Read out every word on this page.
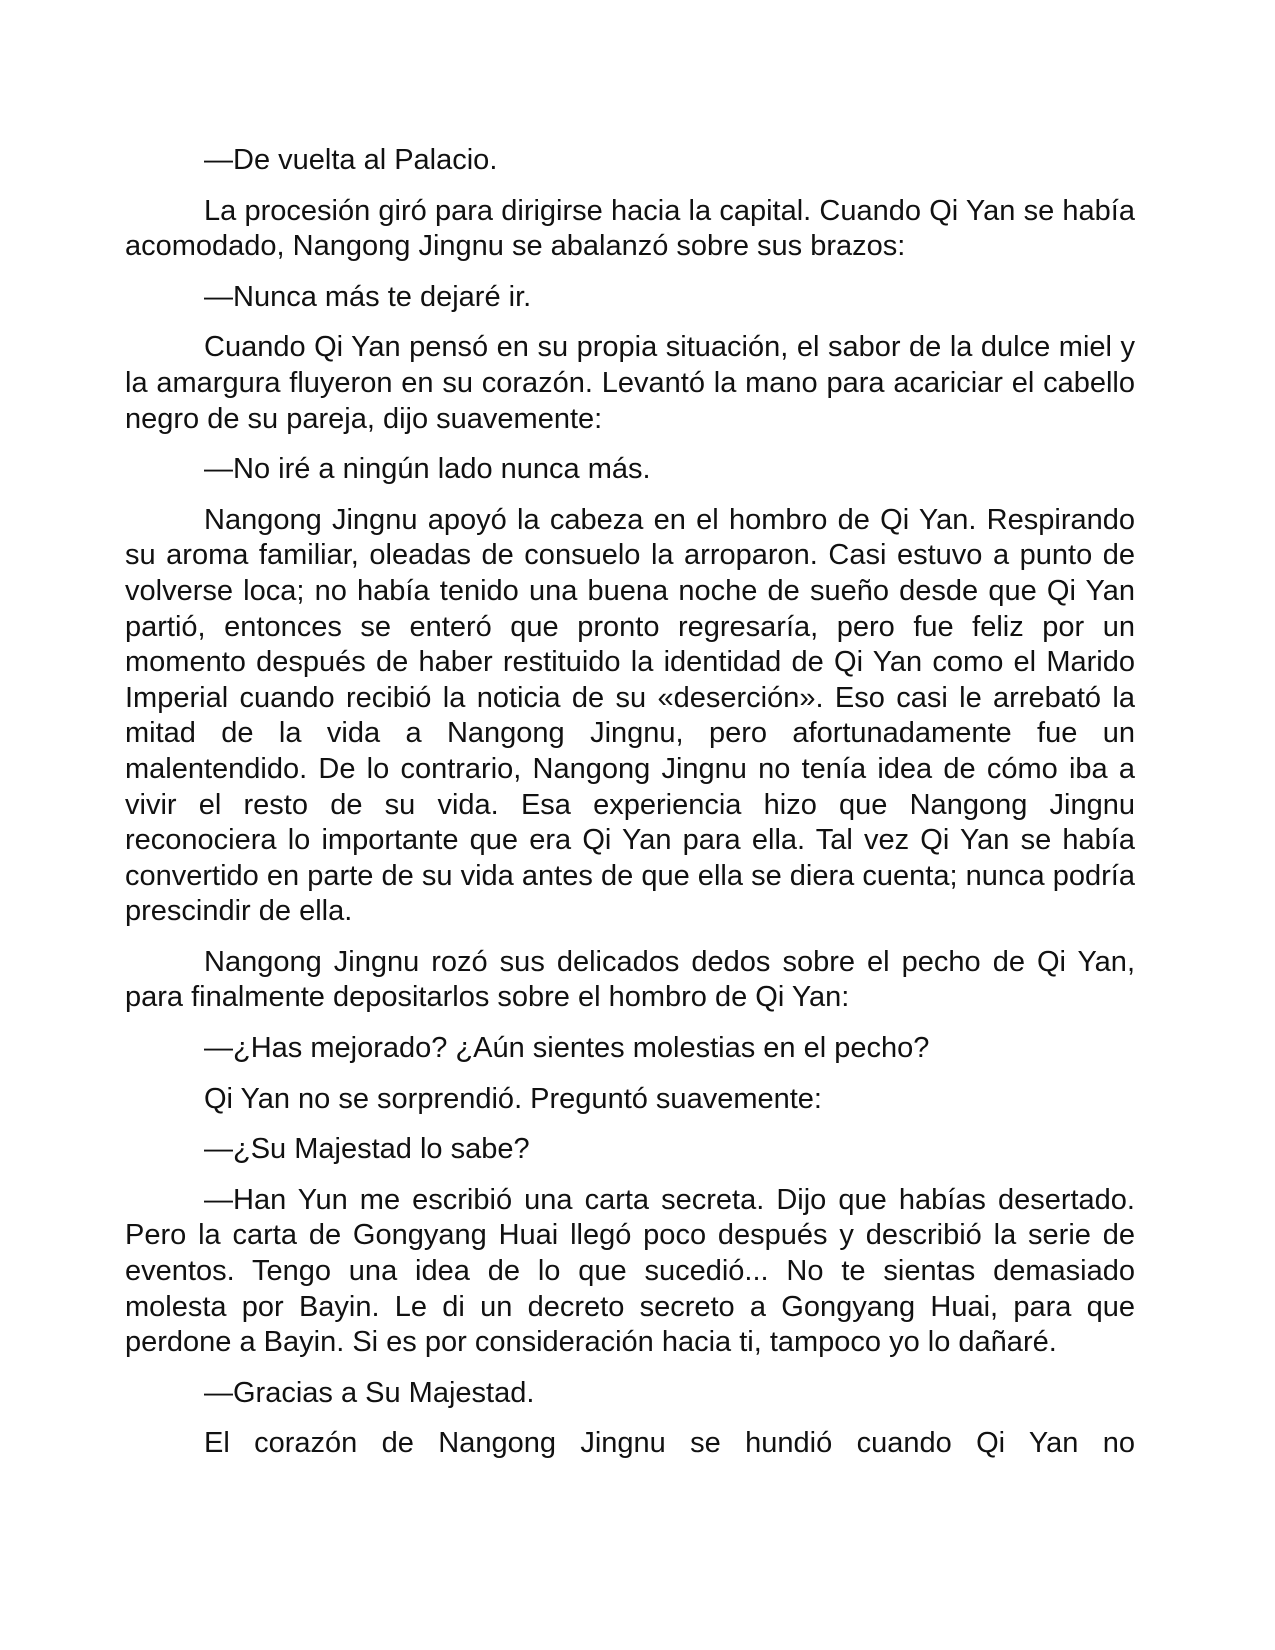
—De vuelta al Palacio.

La procesión giró para dirigirse hacia la capital. Cuando Qi Yan se había acomodado, Nangong Jingnu se abalanzó sobre sus brazos:

—Nunca más te dejaré ir.

Cuando Qi Yan pensó en su propia situación, el sabor de la dulce miel y la amargura fluyeron en su corazón. Levantó la mano para acariciar el cabello negro de su pareja, dijo suavemente:

—No iré a ningún lado nunca más.

Nangong Jingnu apoyó la cabeza en el hombro de Qi Yan. Respirando su aroma familiar, oleadas de consuelo la arroparon. Casi estuvo a punto de volverse loca; no había tenido una buena noche de sueño desde que Qi Yan partió, entonces se enteró que pronto regresaría, pero fue feliz por un momento después de haber restituido la identidad de Qi Yan como el Marido Imperial cuando recibió la noticia de su «deserción». Eso casi le arrebató la mitad de la vida a Nangong Jingnu, pero afortunadamente fue un malentendido. De lo contrario, Nangong Jingnu no tenía idea de cómo iba a vivir el resto de su vida. Esa experiencia hizo que Nangong Jingnu reconociera lo importante que era Qi Yan para ella. Tal vez Qi Yan se había convertido en parte de su vida antes de que ella se diera cuenta; nunca podría prescindir de ella.

Nangong Jingnu rozó sus delicados dedos sobre el pecho de Qi Yan, para finalmente depositarlos sobre el hombro de Qi Yan:

—¿Has mejorado? ¿Aún sientes molestias en el pecho?

Qi Yan no se sorprendió. Preguntó suavemente:

—¿Su Majestad lo sabe?

—Han Yun me escribió una carta secreta. Dijo que habías desertado. Pero la carta de Gongyang Huai llegó poco después y describió la serie de eventos. Tengo una idea de lo que sucedió... No te sientas demasiado molesta por Bayin. Le di un decreto secreto a Gongyang Huai, para que perdone a Bayin. Si es por consideración hacia ti, tampoco yo lo dañaré.

—Gracias a Su Majestad.

El corazón de Nangong Jingnu se hundió cuando Qi Yan no
